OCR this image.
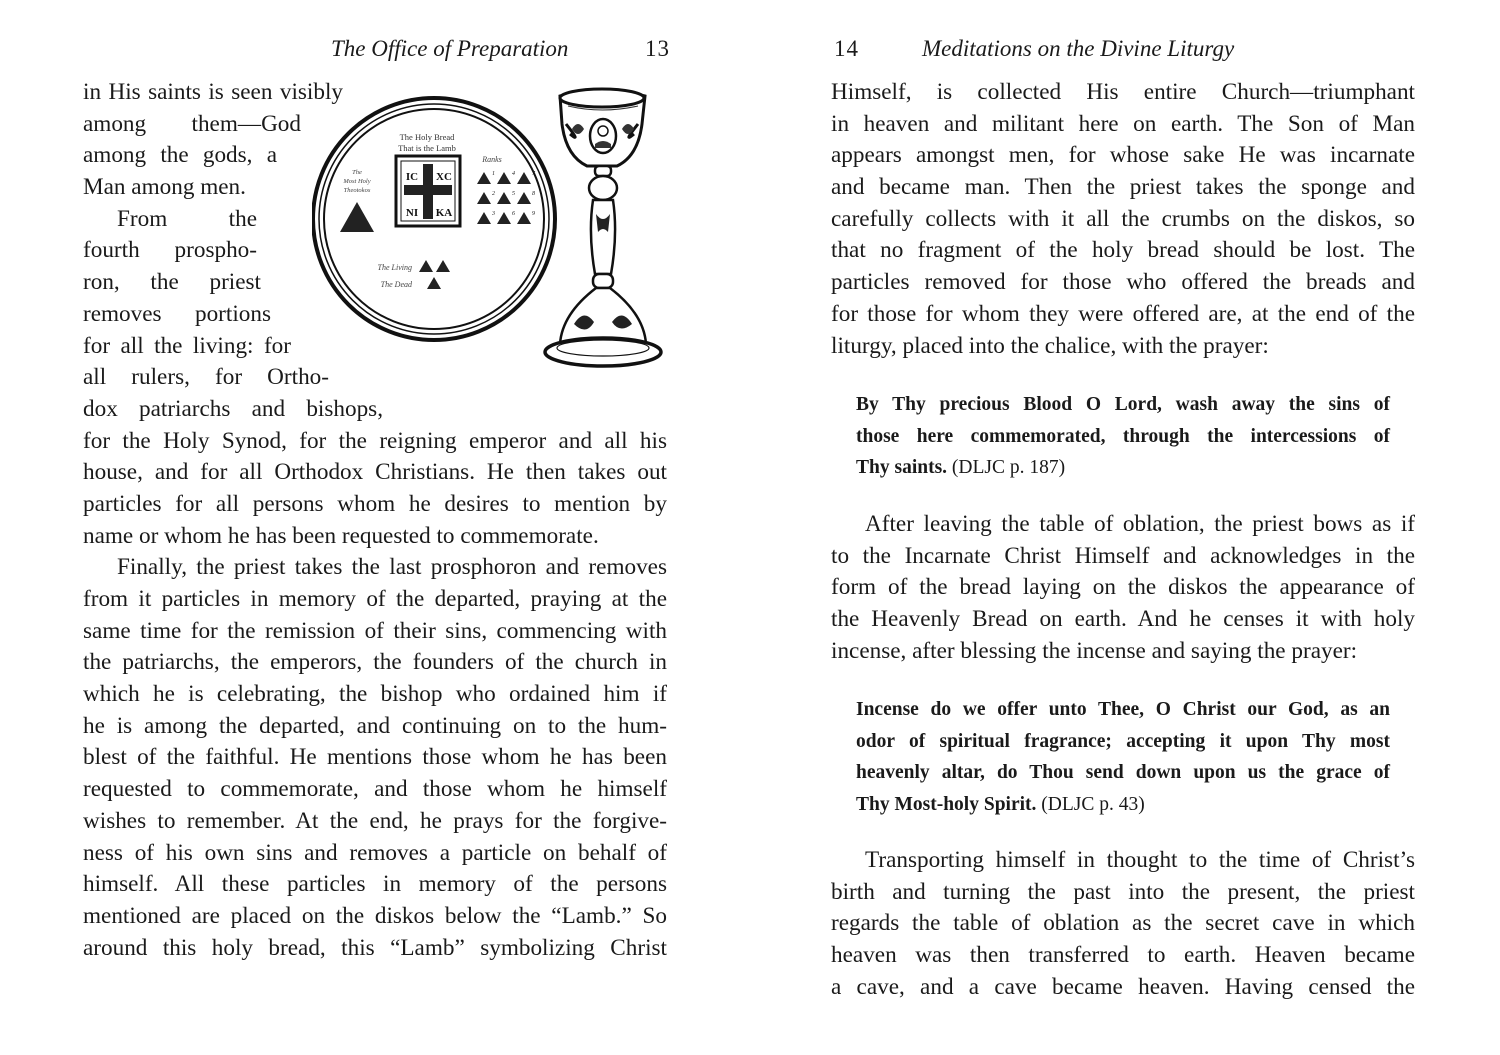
The Office of Preparation	13
in His saints is seen visibly
among them—God
among the gods, a
Man among men.
From the
fourth prospho-
ron, the priest
removes portions
for all the living: for
all rulers, for Ortho-
dox patriarchs and bishops,
for the Holy Synod, for the reigning emperor and all his
house, and for all Orthodox Christians. He then takes out
particles for all persons whom he desires to mention by
name or whom he has been requested to commemorate.
Finally, the priest takes the last prosphoron and removes
from it particles in memory of the departed, praying at the
same time for the remission of their sins, commencing with
the patriarchs, the emperors, the founders of the church in
which he is celebrating, the bishop who ordained him if
he is among the departed, and continuing on to the hum-
blest of the faithful. He mentions those whom he has been
requested to commemorate, and those whom he himself
wishes to remember. At the end, he prays for the forgive-
ness of his own sins and removes a particle on behalf of
himself. All these particles in memory of the persons
mentioned are placed on the diskos below the “Lamb.” So
around this holy bread, this “Lamb” symbolizing Christ
The Holy Bread
That is the Lamb
The
Most Holy
Theotokos
IC XC
NI KA
Ranks
1	4	7
2	5	8
3	6	9
The Living
The Dead
14	Meditations on the Divine Liturgy
Himself, is collected His entire Church—triumphant
in heaven and militant here on earth. The Son of Man
appears amongst men, for whose sake He was incarnate
and became man. Then the priest takes the sponge and
carefully collects with it all the crumbs on the diskos, so
that no fragment of the holy bread should be lost. The
particles removed for those who offered the breads and
for those for whom they were offered are, at the end of the
liturgy, placed into the chalice, with the prayer:
By Thy precious Blood O Lord, wash away the sins of
those here commemorated, through the intercessions of
Thy saints. (DLJC p. 187)
After leaving the table of oblation, the priest bows as if
to the Incarnate Christ Himself and acknowledges in the
form of the bread laying on the diskos the appearance of
the Heavenly Bread on earth. And he censes it with holy
incense, after blessing the incense and saying the prayer:
Incense do we offer unto Thee, O Christ our God, as an
odor of spiritual fragrance; accepting it upon Thy most
heavenly altar, do Thou send down upon us the grace of
Thy Most-holy Spirit. (DLJC p. 43)
Transporting himself in thought to the time of Christ’s
birth and turning the past into the present, the priest
regards the table of oblation as the secret cave in which
heaven was then transferred to earth. Heaven became
a cave, and a cave became heaven. Having censed the
